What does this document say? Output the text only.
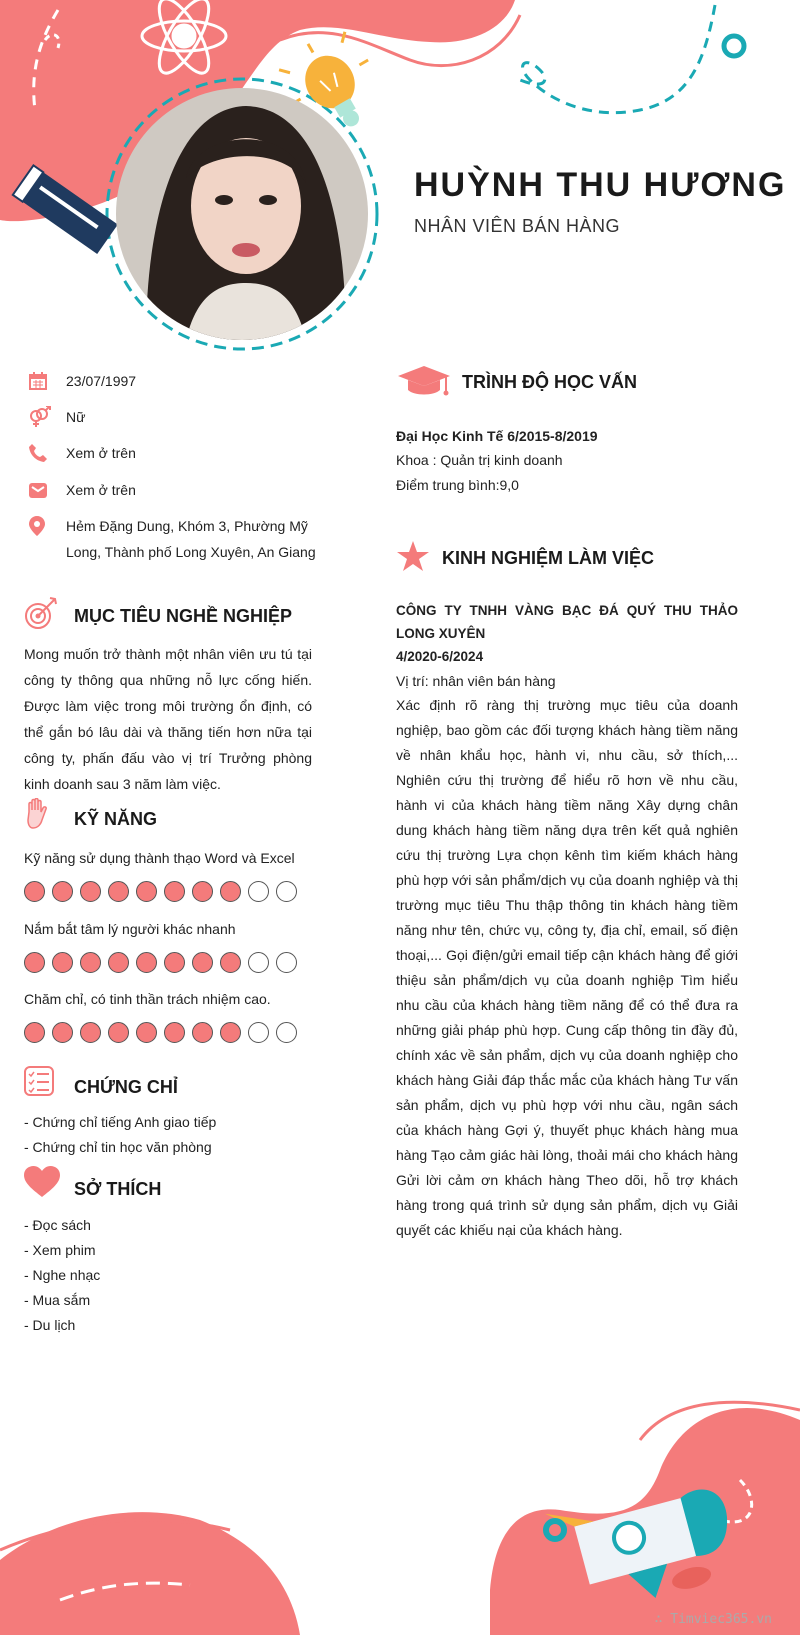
HUỲNH THU HƯƠNG
NHÂN VIÊN BÁN HÀNG
23/07/1997
Nữ
Xem ở trên
Xem ở trên
Hẻm Đặng Dung, Khóm 3, Phường Mỹ Long, Thành phố Long Xuyên, An Giang
MỤC TIÊU NGHỀ NGHIỆP
Mong muốn trở thành một nhân viên ưu tú tại công ty thông qua những nỗ lực cống hiến. Được làm việc trong môi trường ổn định, có thể gắn bó lâu dài và thăng tiến hơn nữa tại công ty, phấn đấu vào vị trí Trưởng phòng kinh doanh sau 3 năm làm việc.
KỸ NĂNG
Kỹ năng sử dụng thành thạo Word và Excel
Nắm bắt tâm lý người khác nhanh
Chăm chỉ, có tinh thần trách nhiệm cao.
CHỨNG CHỈ
- Chứng chỉ tiếng Anh giao tiếp
- Chứng chỉ tin học văn phòng
SỞ THÍCH
- Đọc sách
- Xem phim
- Nghe nhạc
- Mua sắm
- Du lịch
TRÌNH ĐỘ HỌC VẤN
Đại Học Kinh Tế 6/2015-8/2019
Khoa : Quản trị kinh doanh
Điểm trung bình:9,0
KINH NGHIỆM LÀM VIỆC
CÔNG TY TNHH VÀNG BẠC ĐÁ QUÝ THU THẢO LONG XUYÊN
4/2020-6/2024
Vị trí: nhân viên bán hàng
Xác định rõ ràng thị trường mục tiêu của doanh nghiệp, bao gồm các đối tượng khách hàng tiềm năng về nhân khẩu học, hành vi, nhu cầu, sở thích,... Nghiên cứu thị trường để hiểu rõ hơn về nhu cầu, hành vi của khách hàng tiềm năng Xây dựng chân dung khách hàng tiềm năng dựa trên kết quả nghiên cứu thị trường Lựa chọn kênh tìm kiếm khách hàng phù hợp với sản phẩm/dịch vụ của doanh nghiệp và thị trường mục tiêu Thu thập thông tin khách hàng tiềm năng như tên, chức vụ, công ty, địa chỉ, email, số điện thoại,... Gọi điện/gửi email tiếp cận khách hàng để giới thiệu sản phẩm/dịch vụ của doanh nghiệp Tìm hiểu nhu cầu của khách hàng tiềm năng để có thể đưa ra những giải pháp phù hợp. Cung cấp thông tin đầy đủ, chính xác về sản phẩm, dịch vụ của doanh nghiệp cho khách hàng Giải đáp thắc mắc của khách hàng Tư vấn sản phẩm, dịch vụ phù hợp với nhu cầu, ngân sách của khách hàng Gợi ý, thuyết phục khách hàng mua hàng Tạo cảm giác hài lòng, thoải mái cho khách hàng Gửi lời cảm ơn khách hàng Theo dõi, hỗ trợ khách hàng trong quá trình sử dụng sản phẩm, dịch vụ Giải quyết các khiếu nại của khách hàng.
∴ Timviec365.vn
